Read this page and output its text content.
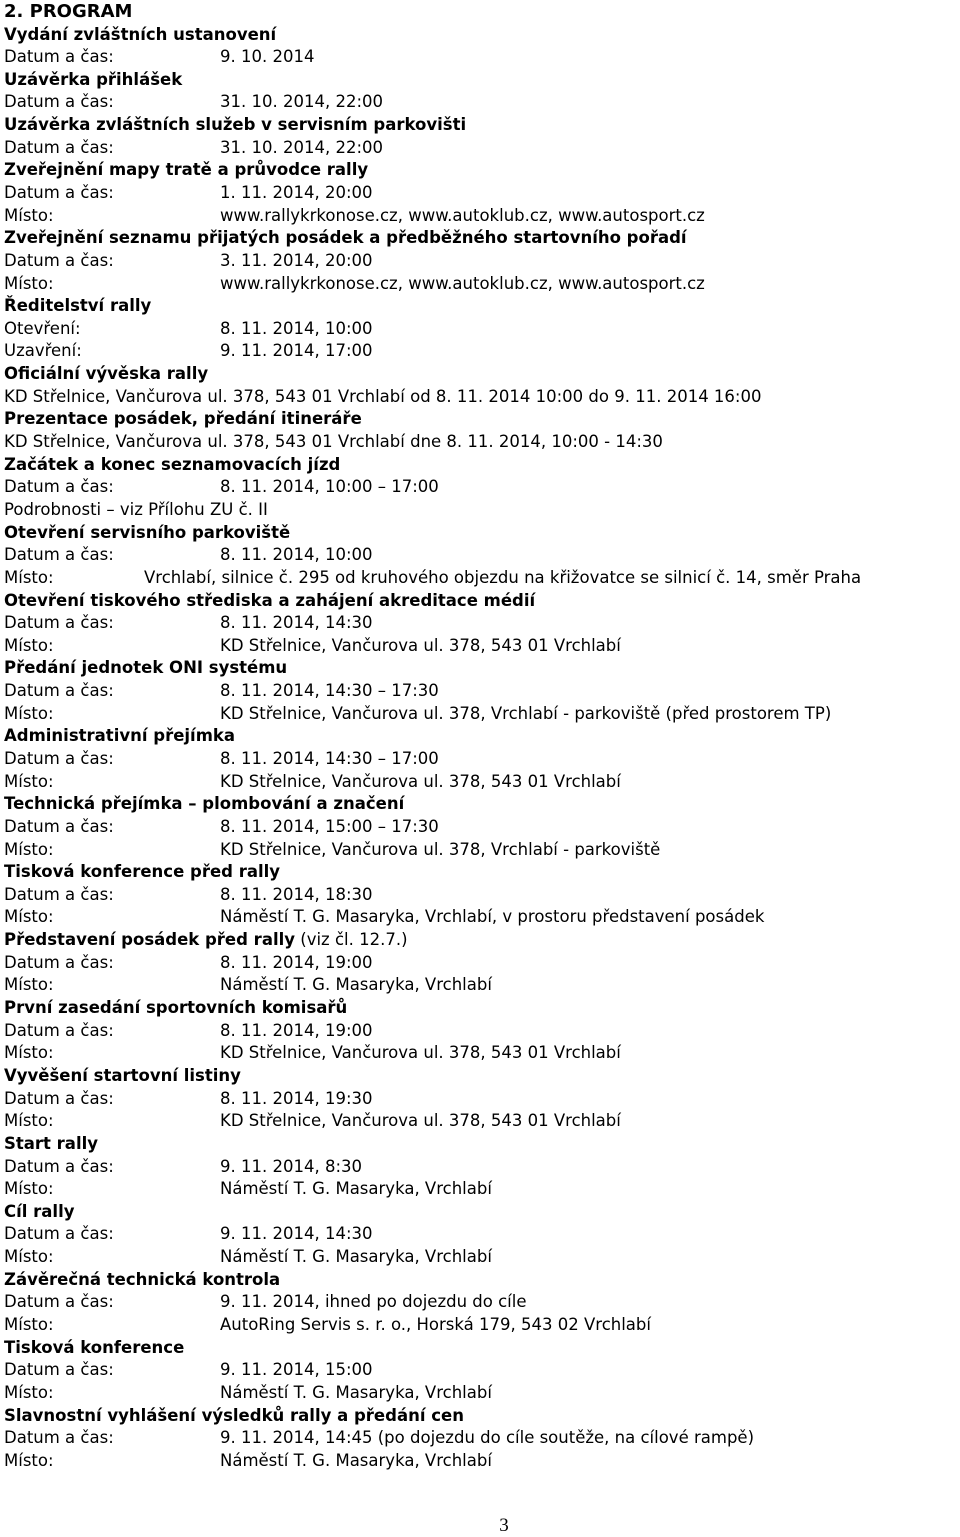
2. PROGRAM
Vydání zvláštních ustanovení
Datum a čas:	9. 10. 2014
Uzávěrka přihlášek
Datum a čas:	31. 10. 2014, 22:00
Uzávěrka zvláštních služeb v servisním parkovišti
Datum a čas:	31. 10. 2014, 22:00
Zveřejnění mapy tratě a průvodce rally
Datum a čas:	1. 11. 2014, 20:00
Místo:	www.rallykrkonose.cz, www.autoklub.cz, www.autosport.cz
Zveřejnění seznamu přijatých posádek a předběžného startovního pořadí
Datum a čas:	3. 11. 2014, 20:00
Místo:	www.rallykrkonose.cz, www.autoklub.cz, www.autosport.cz
Ředitelství rally
Otevření:	8. 11. 2014, 10:00
Uzavření:	9. 11. 2014, 17:00
Oficiální vývěska rally
KD Střelnice, Vančurova ul. 378, 543 01 Vrchlabí od 8. 11. 2014 10:00 do 9. 11. 2014 16:00
Prezentace posádek, předání itineráře
KD Střelnice, Vančurova ul. 378, 543 01 Vrchlabí dne 8. 11. 2014, 10:00 - 14:30
Začátek a konec seznamovacích jízd
Datum a čas:	8. 11. 2014, 10:00 – 17:00
Podrobnosti – viz Přílohu ZU č. II
Otevření servisního parkoviště
Datum a čas:	8. 11. 2014, 10:00
Místo:	Vrchlabí, silnice č. 295 od kruhového objezdu na křižovatce se silnicí č. 14, směr Praha
Otevření tiskového střediska a zahájení akreditace médií
Datum a čas:	8. 11. 2014, 14:30
Místo:	KD Střelnice, Vančurova ul. 378, 543 01 Vrchlabí
Předání jednotek ONI systému
Datum a čas:	8. 11. 2014, 14:30 – 17:30
Místo:	KD Střelnice, Vančurova ul. 378, Vrchlabí - parkoviště (před prostorem TP)
Administrativní přejímka
Datum a čas:	8. 11. 2014, 14:30 – 17:00
Místo:	KD Střelnice, Vančurova ul. 378, 543 01 Vrchlabí
Technická přejímka – plombování a značení
Datum a čas:	8. 11. 2014, 15:00 – 17:30
Místo:	KD Střelnice, Vančurova ul. 378, Vrchlabí - parkoviště
Tisková konference před rally
Datum a čas:	8. 11. 2014, 18:30
Místo:	Náměstí T. G. Masaryka, Vrchlabí, v prostoru představení posádek
Představení posádek před rally (viz čl. 12.7.)
Datum a čas:	8. 11. 2014, 19:00
Místo:	Náměstí T. G. Masaryka, Vrchlabí
První zasedání sportovních komisařů
Datum a čas:	8. 11. 2014, 19:00
Místo:	KD Střelnice, Vančurova ul. 378, 543 01 Vrchlabí
Vyvěšení startovní listiny
Datum a čas:	8. 11. 2014, 19:30
Místo:	KD Střelnice, Vančurova ul. 378, 543 01 Vrchlabí
Start rally
Datum a čas:	9. 11. 2014, 8:30
Místo:	Náměstí T. G. Masaryka, Vrchlabí
Cíl rally
Datum a čas:	9. 11. 2014, 14:30
Místo:	Náměstí T. G. Masaryka, Vrchlabí
Závěrečná technická kontrola
Datum a čas:	9. 11. 2014, ihned po dojezdu do cíle
Místo:	AutoRing Servis s. r. o., Horská 179, 543 02 Vrchlabí
Tisková konference
Datum a čas:	9. 11. 2014, 15:00
Místo:	Náměstí T. G. Masaryka, Vrchlabí
Slavnostní vyhlášení výsledků rally a předání cen
Datum a čas:	9. 11. 2014, 14:45 (po dojezdu do cíle soutěže, na cílové rampě)
Místo:	Náměstí T. G. Masaryka, Vrchlabí
3
